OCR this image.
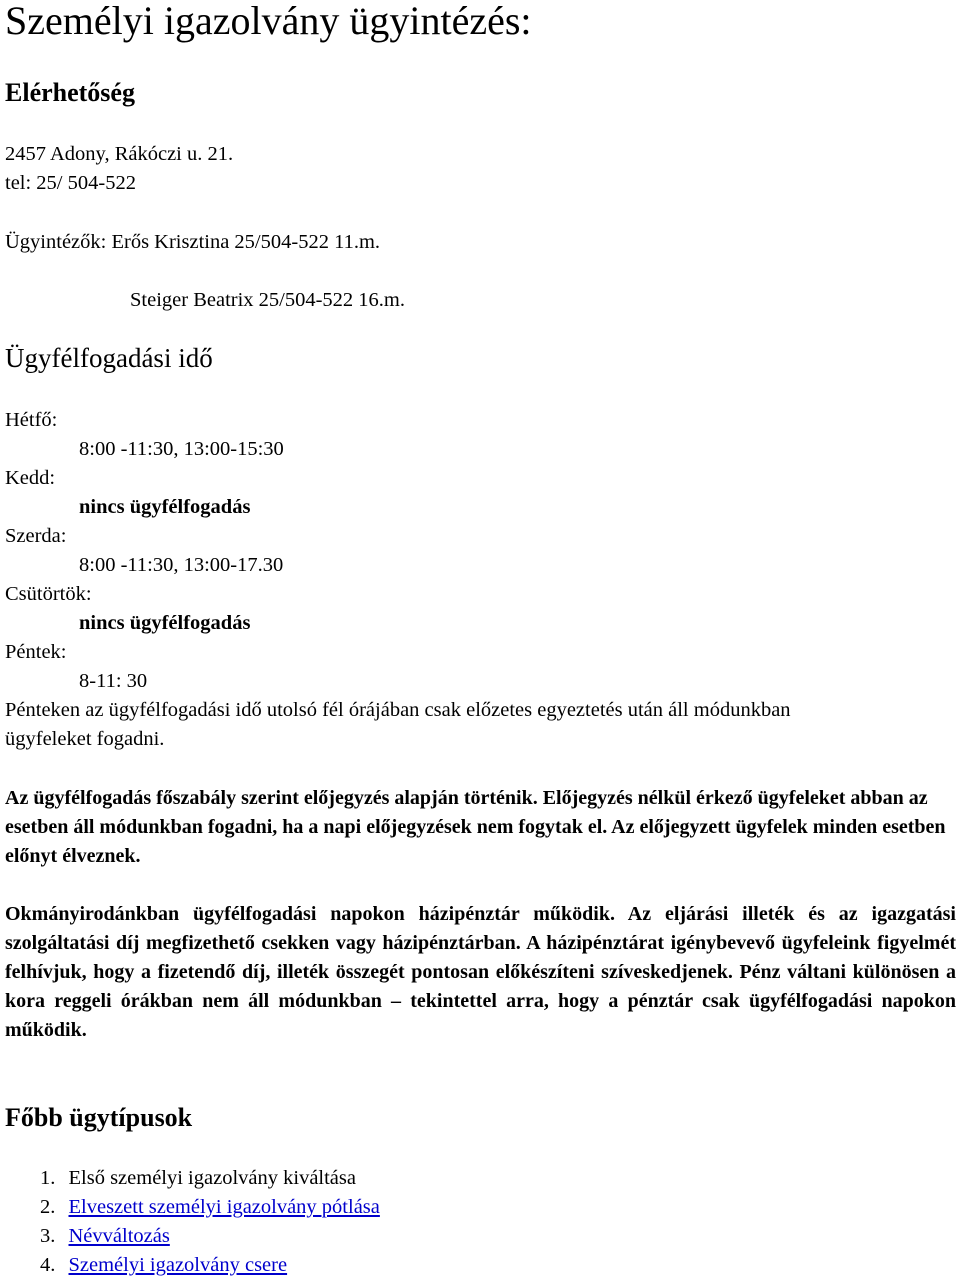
Személyi igazolvány ügyintézés:
Elérhetőség
2457 Adony, Rákóczi u. 21.
tel: 25/ 504-522
Ügyintézők: Erős Krisztina 25/504-522 11.m.
Steiger Beatrix 25/504-522 16.m.
Ügyfélfogadási idő
Hétfő:
8:00 -11:30, 13:00-15:30
Kedd:
nincs ügyfélfogadás
Szerda:
8:00 -11:30, 13:00-17.30
Csütörtök:
nincs ügyfélfogadás
Péntek:
8-11: 30
Pénteken az ügyfélfogadási idő utolsó fél órájában csak előzetes egyeztetés után áll módunkban ügyfeleket fogadni.
Az ügyfélfogadás főszabály szerint előjegyzés alapján történik. Előjegyzés nélkül érkező ügyfeleket abban az esetben áll módunkban fogadni, ha a napi előjegyzések nem fogytak el. Az előjegyzett ügyfelek minden esetben előnyt élveznek.
Okmányirodánkban ügyfélfogadási napokon házipénztár működik. Az eljárási illeték és az igazgatási szolgáltatási díj megfizethető csekken vagy házipénztárban. A házipénztárat igénybevevő ügyfeleink figyelmét felhívjuk, hogy a fizetendő díj, illeték összegét pontosan előkészíteni szíveskedjenek. Pénz váltani különösen a kora reggeli órákban nem áll módunkban – tekintettel arra, hogy a pénztár csak ügyfélfogadási napokon működik.
Főbb ügytípusok
1. Első személyi igazolvány kiváltása
2. Elveszett személyi igazolvány pótlása
3. Névváltozás
4. Személyi igazolvány csere
